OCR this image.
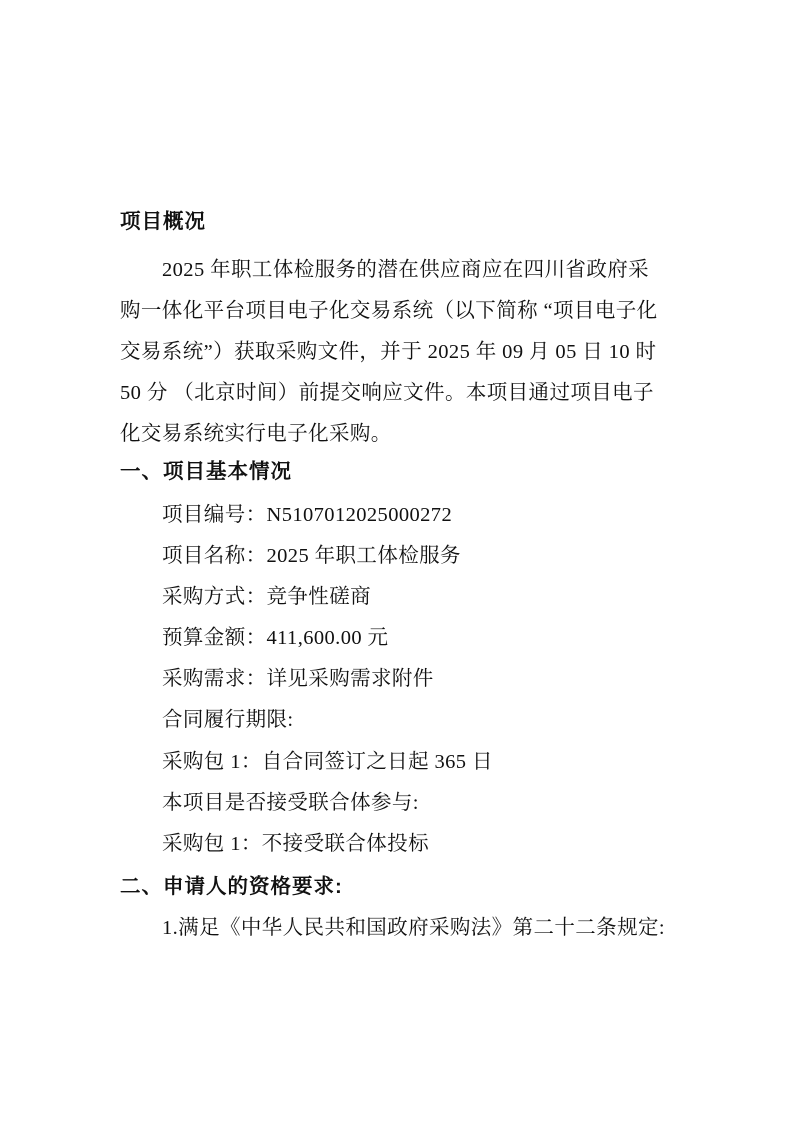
项目概况
2025 年职工体检服务的潜在供应商应在四川省政府采
购一体化平台项目电子化交易系统（以下简称 “项目电子化
交易系统”）获取采购文件，并于 2025 年 09 月 05 日 10 时
50 分 （北京时间）前提交响应文件。本项目通过项目电子
化交易系统实行电子化采购。
一、项目基本情况
项目编号：N5107012025000272
项目名称：2025 年职工体检服务
采购方式：竞争性磋商
预算金额：411,600.00 元
采购需求：详见采购需求附件
合同履行期限:
采购包 1：自合同签订之日起 365 日
本项目是否接受联合体参与:
采购包 1：不接受联合体投标
二、申请人的资格要求:
1.满足《中华人民共和国政府采购法》第二十二条规定:
